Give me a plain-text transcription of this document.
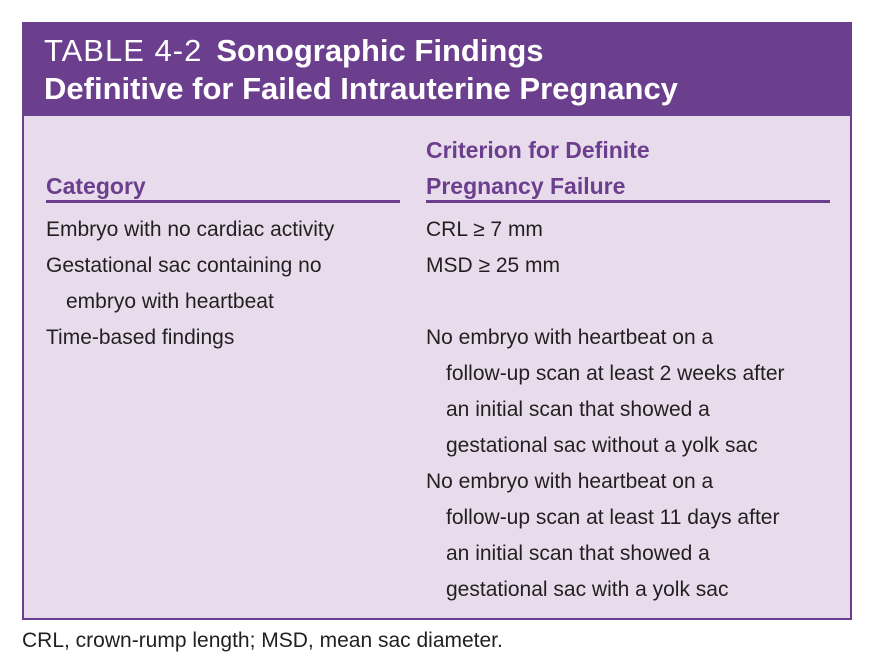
TABLE 4-2 Sonographic Findings
Definitive for Failed Intrauterine Pregnancy
Category
Criterion for Definite
Pregnancy Failure
Embryo with no cardiac activity	CRL ≥ 7 mm
Gestational sac containing no
embryo with heartbeat
MSD ≥ 25 mm
Time-based findings	No embryo with heartbeat on a
follow-up scan at least 2 weeks after
an initial scan that showed a
gestational sac without a yolk sac
No embryo with heartbeat on a
follow-up scan at least 11 days after
an initial scan that showed a
gestational sac with a yolk sac
CRL, crown-rump length; MSD, mean sac diameter.
